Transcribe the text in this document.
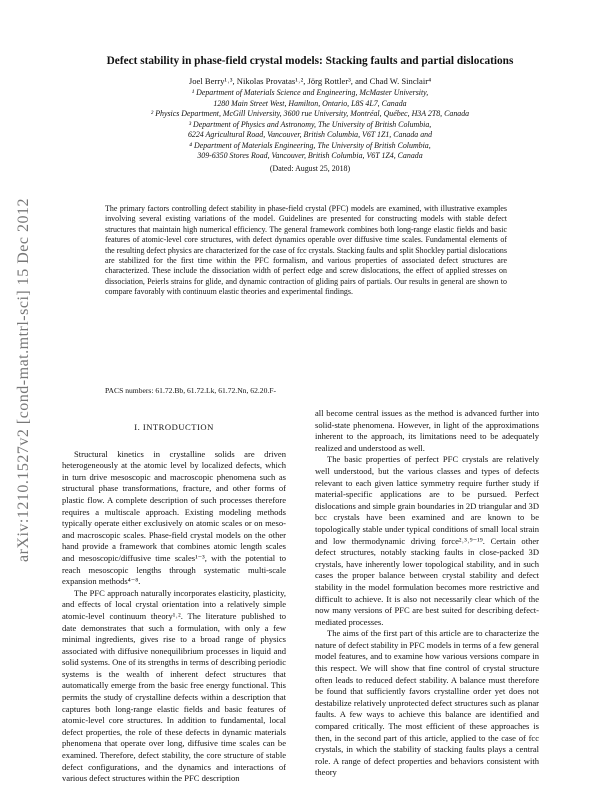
arXiv:1210.1527v2 [cond-mat.mtrl-sci] 15 Dec 2012
Defect stability in phase-field crystal models: Stacking faults and partial dislocations
Joel Berry¹˒³, Nikolas Provatas¹˒², Jörg Rottler³, and Chad W. Sinclair⁴
¹ Department of Materials Science and Engineering, McMaster University,
1280 Main Street West, Hamilton, Ontario, L8S 4L7, Canada
² Physics Department, McGill University, 3600 rue University, Montréal, Québec, H3A 2T8, Canada
³ Department of Physics and Astronomy, The University of British Columbia,
6224 Agricultural Road, Vancouver, British Columbia, V6T 1Z1, Canada and
⁴ Department of Materials Engineering, The University of British Columbia,
309-6350 Stores Road, Vancouver, British Columbia, V6T 1Z4, Canada
(Dated: August 25, 2018)

The primary factors controlling defect stability in phase-field crystal (PFC) models are examined, with illustrative examples involving several existing variations of the model. Guidelines are presented for constructing models with stable defect structures that maintain high numerical efficiency. The general framework combines both long-range elastic fields and basic features of atomic-level core structures, with defect dynamics operable over diffusive time scales. Fundamental elements of the resulting defect physics are characterized for the case of fcc crystals. Stacking faults and split Shockley partial dislocations are stabilized for the first time within the PFC formalism, and various properties of associated defect structures are characterized. These include the dissociation width of perfect edge and screw dislocations, the effect of applied stresses on dissociation, Peierls strains for glide, and dynamic contraction of gliding pairs of partials. Our results in general are shown to compare favorably with continuum elastic theories and experimental findings.

PACS numbers: 61.72.Bb, 61.72.Lk, 61.72.Nn, 62.20.F-
I. INTRODUCTION

Structural kinetics in crystalline solids are driven heterogeneously at the atomic level by localized defects, which in turn drive mesoscopic and macroscopic phenomena such as structural phase transformations, fracture, and other forms of plastic flow. A complete description of such processes therefore requires a multiscale approach. Existing modeling methods typically operate either exclusively on atomic scales or on meso- and macroscopic scales. Phase-field crystal models on the other hand provide a framework that combines atomic length scales and mesoscopic/diffusive time scales¹⁻³, with the potential to reach mesoscopic lengths through systematic multi-scale expansion methods⁴⁻⁸.

The PFC approach naturally incorporates elasticity, plasticity, and effects of local crystal orientation into a relatively simple atomic-level continuum theory¹˒². The literature published to date demonstrates that such a formulation, with only a few minimal ingredients, gives rise to a broad range of physics associated with diffusive nonequilibrium processes in liquid and solid systems. One of its strengths in terms of describing periodic systems is the wealth of inherent defect structures that automatically emerge from the basic free energy functional. This permits the study of crystalline defects within a description that captures both long-range elastic fields and basic features of atomic-level core structures. In addition to fundamental, local defect properties, the role of these defects in dynamic materials phenomena that operate over long, diffusive time scales can be examined. Therefore, defect stability, the core structure of stable defect configurations, and the dynamics and interactions of various defect structures within the PFC description

all become central issues as the method is advanced further into solid-state phenomena. However, in light of the approximations inherent to the approach, its limitations need to be adequately realized and understood as well.

The basic properties of perfect PFC crystals are relatively well understood, but the various classes and types of defects relevant to each given lattice symmetry require further study if material-specific applications are to be pursued. Perfect dislocations and simple grain boundaries in 2D triangular and 3D bcc crystals have been examined and are known to be topologically stable under typical conditions of small local strain and low thermodynamic driving force²˒³˒⁹⁻¹⁹. Certain other defect structures, notably stacking faults in close-packed 3D crystals, have inherently lower topological stability, and in such cases the proper balance between crystal stability and defect stability in the model formulation becomes more restrictive and difficult to achieve. It is also not necessarily clear which of the now many versions of PFC are best suited for describing defect-mediated processes.

The aims of the first part of this article are to characterize the nature of defect stability in PFC models in terms of a few general model features, and to examine how various versions compare in this respect. We will show that fine control of crystal structure often leads to reduced defect stability. A balance must therefore be found that sufficiently favors crystalline order yet does not destabilize relatively unprotected defect structures such as planar faults. A few ways to achieve this balance are identified and compared critically. The most efficient of these approaches is then, in the second part of this article, applied to the case of fcc crystals, in which the stability of stacking faults plays a central role. A range of defect properties and behaviors consistent with theory
